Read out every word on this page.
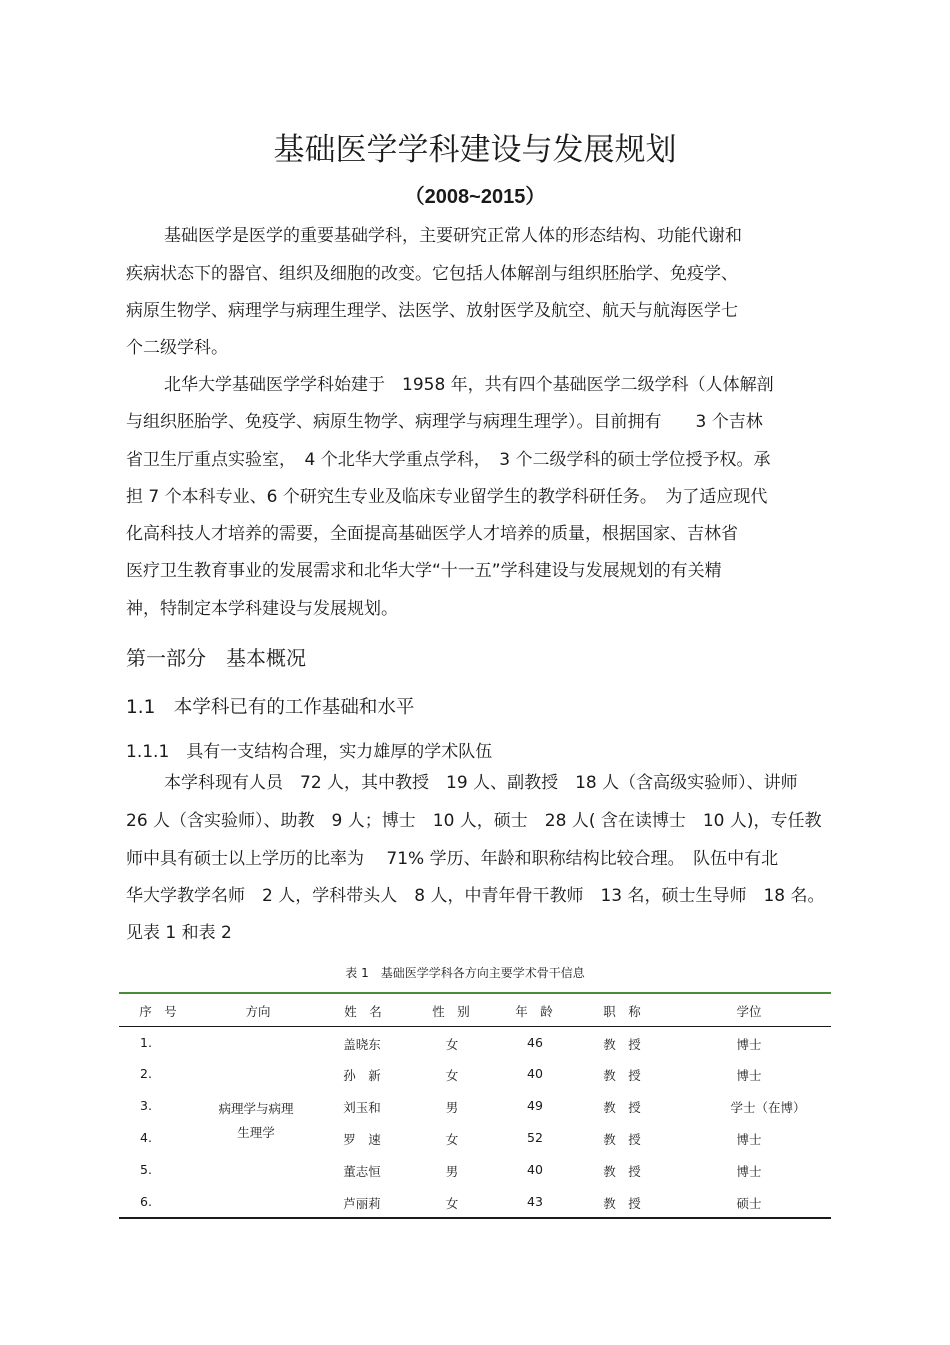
基础医学学科建设与发展规划
（2008~2015）
基础医学是医学的重要基础学科，主要研究正常人体的形态结构、功能代谢和
疾病状态下的器官、组织及细胞的改变。它包括人体解剖与组织胚胎学、免疫学、
病原生物学、病理学与病理生理学、法医学、放射医学及航空、航天与航海医学七
个二级学科。
北华大学基础医学学科始建于　1958 年，共有四个基础医学二级学科（人体解剖
与组织胚胎学、免疫学、病原生物学、病理学与病理生理学）。目前拥有　　3 个吉林
省卫生厅重点实验室，　4 个北华大学重点学科，　3 个二级学科的硕士学位授予权。承
担 7 个本科专业、6 个研究生专业及临床专业留学生的教学科研任务。　为了适应现代
化高科技人才培养的需要，全面提高基础医学人才培养的质量，根据国家、吉林省
医疗卫生教育事业的发展需求和北华大学“十一五”学科建设与发展规划的有关精
神，特制定本学科建设与发展规划。
第一部分　基本概况
1.1　本学科已有的工作基础和水平
1.1.1　具有一支结构合理，实力雄厚的学术队伍
本学科现有人员　72 人，其中教授　19 人、副教授　18 人（含高级实验师）、讲师
26 人（含实验师）、助教　9 人；博士　10 人，硕士　28 人( 含在读博士　10 人)，专任教
师中具有硕士以上学历的比率为　 71% 学历、年龄和职称结构比较合理。　队伍中有北
华大学教学名师　2 人，学科带头人　8 人，中青年骨干教师　13 名，硕士生导师　18 名。
见表 1 和表 2
表 1　基础医学学科各方向主要学术骨干信息
序　号	方向	姓　名	性　别	年　龄	职　称	学位
病理学与病理
生理学
1.	盖晓东	女	46	教　授	博士
2.	孙　新	女	40	教　授	博士
3.	刘玉和	男	49	教　授	学士（在博）
4.	罗　速	女	52	教　授	博士
5.	董志恒	男	40	教　授	博士
6.	芦丽莉	女	43	教　授	硕士
